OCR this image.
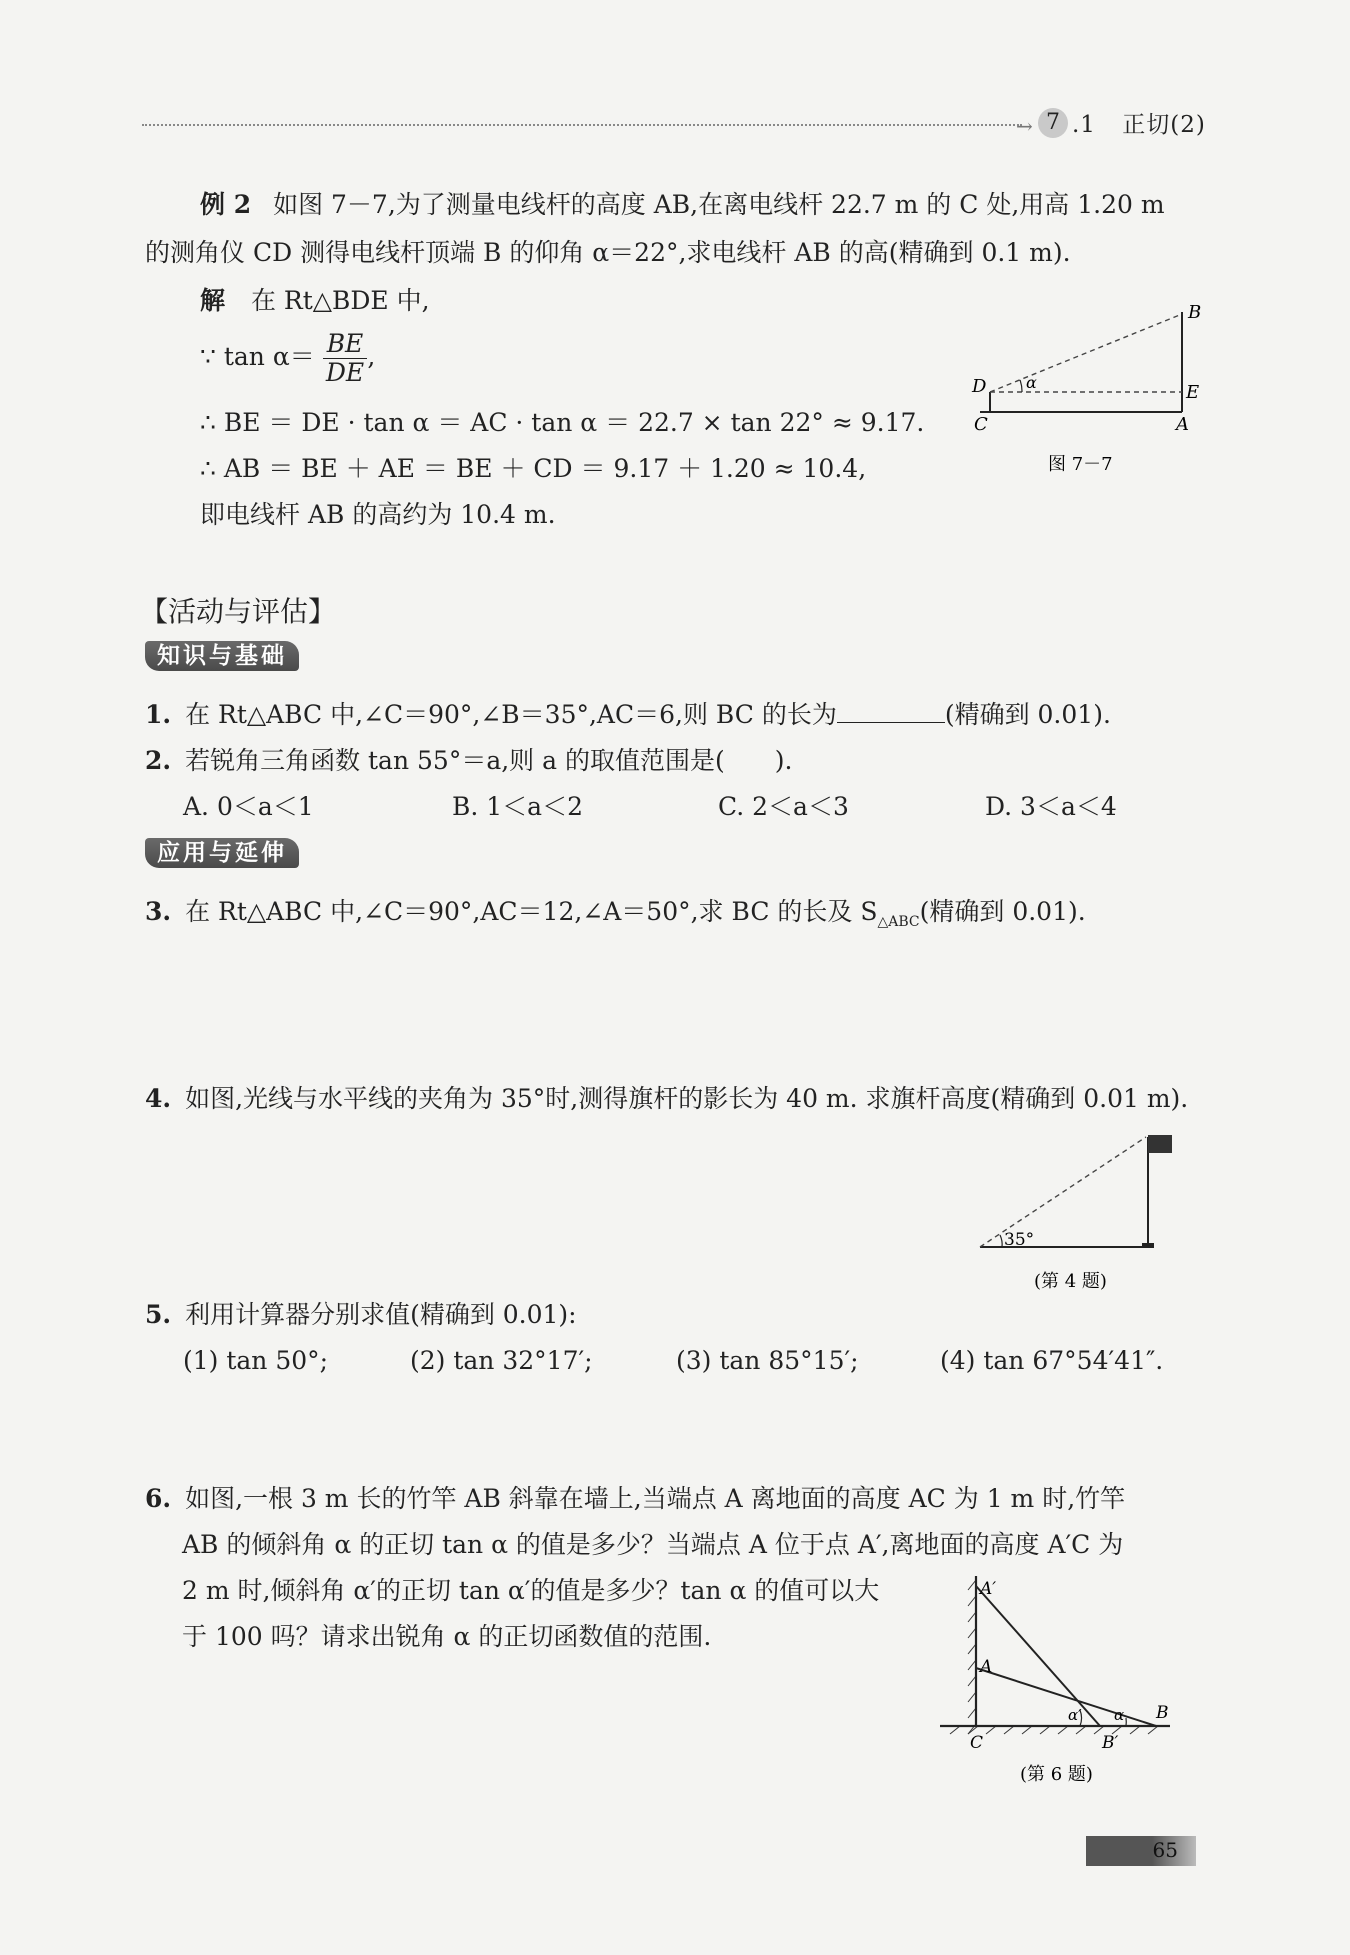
→ 7 .1 正切(2)
例 2 如图 7－7,为了测量电线杆的高度 AB,在离电线杆 22.7 m 的 C 处,用高 1.20 m
的测角仪 CD 测得电线杆顶端 B 的仰角 α＝22°,求电线杆 AB 的高(精确到 0.1 m).
解 在 Rt△BDE 中,
∵ $\tan \alpha= \frac{BE}{DE}$ ,
∴ BE ＝ DE · tan α ＝ AC · tan α ＝ 22.7 × tan 22° ≈ 9.17.
∴ AB ＝ BE ＋ AE ＝ BE ＋ CD ＝ 9.17 ＋ 1.20 ≈ 10.4,
即电线杆 AB 的高约为 10.4 m.
B
D	E
C	A
α
图 7－7
【活动与评估】
知识与基础
1. 在 Rt△ABC 中,∠C＝90°,∠B＝35°,AC＝6,则 BC 的长为	(精确到 0.01).
2. 若锐角三角函数 tan 55°＝a,则 a 的取值范围是(　　).
A. 0＜a＜1	B. 1＜a＜2	C. 2＜a＜3	D. 3＜a＜4
应用与延伸
3. 在 Rt△ABC 中,∠C＝90°,AC＝12,∠A＝50°,求 BC 的长及 $S_{\triangle ABC}$(精确到 0.01).
4. 如图,光线与水平线的夹角为 35°时,测得旗杆的影长为 40 m. 求旗杆高度(精确到 0.01 m).
35°
(第 4 题)
5. 利用计算器分别求值(精确到 0.01):
(1) tan 50°;	(2) tan 32°17′;	(3) tan 85°15′;	(4) tan 67°54′41″.
6. 如图,一根 3 m 长的竹竿 AB 斜靠在墙上,当端点 A 离地面的高度 AC 为 1 m 时,竹竿
AB 的倾斜角 α 的正切 tan α 的值是多少？当端点 A 位于点 A′,离地面的高度 A′C 为
2 m 时,倾斜角 α′的正切 tan α′的值是多少？tan α 的值可以大
于 100 吗？请求出锐角 α 的正切函数值的范围.
A′
A
C
B
B′
α′ α
(第 6 题)
65
